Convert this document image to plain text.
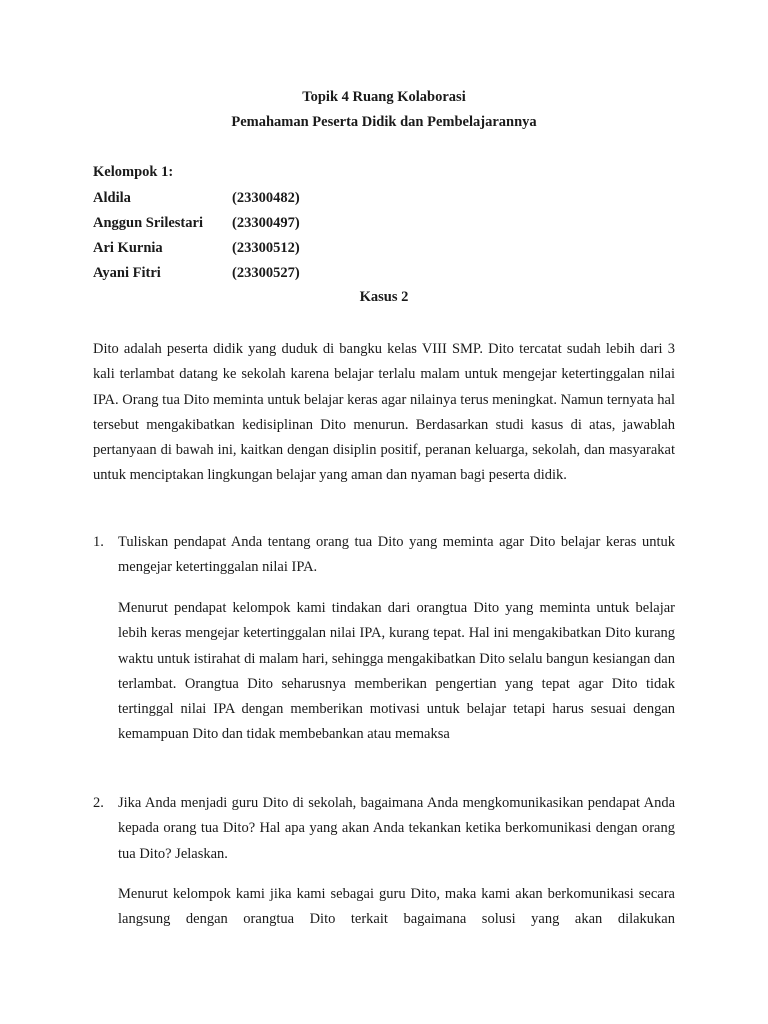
Topik 4 Ruang Kolaborasi
Pemahaman Peserta Didik dan Pembelajarannya
Kelompok 1:
Aldila	(23300482)
Anggun Srilestari (23300497)
Ari Kurnia	(23300512)
Ayani Fitri	(23300527)
Kasus 2
Dito adalah peserta didik yang duduk di bangku kelas VIII SMP. Dito tercatat sudah lebih dari 3 kali terlambat datang ke sekolah karena belajar terlalu malam untuk mengejar ketertinggalan nilai IPA. Orang tua Dito meminta untuk belajar keras agar nilainya terus meningkat. Namun ternyata hal tersebut mengakibatkan kedisiplinan Dito menurun. Berdasarkan studi kasus di atas, jawablah pertanyaan di bawah ini, kaitkan dengan disiplin positif, peranan keluarga, sekolah, dan masyarakat untuk menciptakan lingkungan belajar yang aman dan nyaman bagi peserta didik.
1. Tuliskan pendapat Anda tentang orang tua Dito yang meminta agar Dito belajar keras untuk mengejar ketertinggalan nilai IPA.
Menurut pendapat kelompok kami tindakan dari orangtua Dito yang meminta untuk belajar lebih keras mengejar ketertinggalan nilai IPA, kurang tepat. Hal ini mengakibatkan Dito kurang waktu untuk istirahat di malam hari, sehingga mengakibatkan Dito selalu bangun kesiangan dan terlambat. Orangtua Dito seharusnya memberikan pengertian yang tepat agar Dito tidak tertinggal nilai IPA dengan memberikan motivasi untuk belajar tetapi harus sesuai dengan kemampuan Dito dan tidak membebankan atau memaksa
2. Jika Anda menjadi guru Dito di sekolah, bagaimana Anda mengkomunikasikan pendapat Anda kepada orang tua Dito? Hal apa yang akan Anda tekankan ketika berkomunikasi dengan orang tua Dito? Jelaskan.
Menurut kelompok kami jika kami sebagai guru Dito, maka kami akan berkomunikasi secara langsung dengan orangtua Dito terkait bagaimana solusi yang akan dilakukan
